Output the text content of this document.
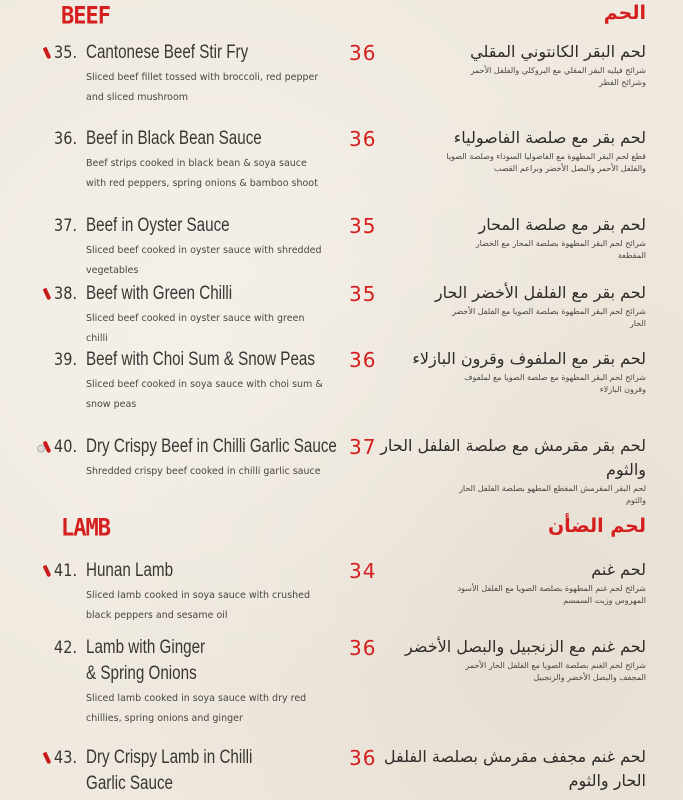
BEEF	الحم
LAMB	لحم الضأن
35. Cantonese Beef Stir Fry
Sliced beef fillet tossed with broccoli, red pepper and sliced mushroom
36	لحم البقر الكانتوني المقلي
شرائح فيليه البقر المقلي مع البروكلي والفلفل الأحمر وشرائح الفطر
36. Beef in Black Bean Sauce
Beef strips cooked in black bean & soya sauce with red peppers, spring onions & bamboo shoot
36	لحم بقر مع صلصة الفاصولياء
قطع لحم البقر المطهوة مع الفاصوليا السوداء وصلصة الصويا والفلفل الأحمر والبصل الأخضر وبراعم القصب
37. Beef in Oyster Sauce
Sliced beef cooked in oyster sauce with shredded vegetables
35	لحم بقر مع صلصة المحار
شرائح لحم البقر المطهوة بصلصة المحار مع الخضار المقطعة
38. Beef with Green Chilli
Sliced beef cooked in oyster sauce with green chilli
35	لحم بقر مع الفلفل الأخضر الحار
شرائح لحم البقر المطهوة بصلصة الصويا مع الفلفل الأخضر الحار
39. Beef with Choi Sum & Snow Peas
Sliced beef cooked in soya sauce with choi sum & snow peas
36	لحم بقر مع الملفوف وقرون البازلاء
شرائح لحم البقر المطهوة مع صلصة الصويا مع لملفوف وقرون البازلاء
40. Dry Crispy Beef in Chilli Garlic Sauce
Shredded crispy beef cooked in chilli garlic sauce
37 لحم بقر مقرمش مع صلصة الفلفل الحار والثوم
لحم البقر المقرمش المقطع المطهو بصلصة الفلفل الحار والثوم
41. Hunan Lamb
Sliced lamb cooked in soya sauce with crushed black peppers and sesame oil
34	لحم غنم
شرائح لحم غنم المطهوة بصلصة الصويا مع الفلفل الأسود المهروس وزيت السمسم
42. Lamb with Ginger
& Spring Onions
Sliced lamb cooked in soya sauce with dry red chillies, spring onions and ginger
36	لحم غنم مع الزنجبيل والبصل الأخضر
شرائح لحم الغنم بصلصة الصويا مع الفلفل الحار الأحمر المجفف والبصل الأخضر والزنجبيل
43. Dry Crispy Lamb in Chilli
Garlic Sauce
36 لحم غنم مجفف مقرمش بصلصة الفلفل الحار والثوم
